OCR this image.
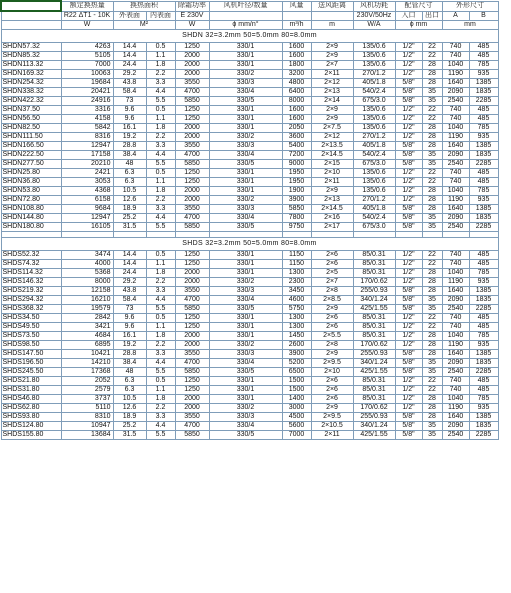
	额定换热量	换热面积		除霜功率	风机叶径/数量	风量	送风距离	风机功耗	配管尺寸		外形尺寸	
	R22 ΔT1 - 10K	外表面	内表面	E 230V				230V/50Hz	入口	出口	A	B
	W	M²		W	ϕ mm/n°	m³/h	m	W/A	ϕ mm		mm	
SHDN 32=3.2mm 50=5.0mm 80=8.0mm												
SHDN57.32	4263	14.4	0.5	1250	330/1	1600	2×9	135/0.6	1/2"	22	740	485
SHDN85.32	5105	14.4	1.1	2000	330/1	1600	2×9	135/0.6	1/2"	22	740	485
SHDN113.32	7000	24.4	1.8	2000	330/1	1800	2×7	135/0.6	1/2"	28	1040	785
SHDN169.32	10063	29.2	2.2	2000	330/2	3200	2×11	270/1.2	1/2"	28	1190	935
SHDN254.32	19684	43.8	3.3	3550	330/3	4800	2×12	405/1.8	5/8"	28	1640	1385
SHDN338.32	20421	58.4	4.4	4700	330/4	6400	2×13	540/2.4	5/8"	35	2090	1835
SHDN422.32	24916	73	5.5	5850	330/5	8000	2×14	675/3.0	5/8"	35	2540	2285
SHDN37.50	3316	9.6	0.5	1250	330/1	1600	2×9	135/0.6	1/2"	22	740	485
SHDN56.50	4158	9.6	1.1	1250	330/1	1600	2×9	135/0.6	1/2"	22	740	485
SHDN82.50	5842	16.1	1.8	2000	330/1	2050	2×7.5	135/0.6	1/2"	28	1040	785
SHDN111.50	8316	19.2	2.2	2000	330/2	3600	2×12	270/1.2	1/2"	28	1190	935
SHDN166.50	12947	28.8	3.3	3550	330/3	5400	2×13.5	405/1.8	5/8"	28	1640	1385
SHDN222.50	17158	38.4	4.4	4700	330/4	7200	2×14.5	540/2.4	5/8"	35	2090	1835
SHDN277.50	20210	48	5.5	5850	330/5	9000	2×15	675/3.0	5/8"	35	2540	2285
SHDN25.80	2421	6.3	0.5	1250	330/1	1950	2×10	135/0.6	1/2"	22	740	485
SHDN36.80	3053	6.3	1.1	1250	330/1	1950	2×11	135/0.6	1/2"	22	740	485
SHDN53.80	4368	10.5	1.8	2000	330/1	1900	2×9	135/0.6	1/2"	28	1040	785
SHDN72.80	6158	12.6	2.2	2000	330/2	3900	2×13	270/1.2	1/2"	28	1190	935
SHDN108.80	9684	18.9	3.3	3550	330/3	5850	2×14.5	405/1.8	5/8"	28	1640	1385
SHDN144.80	12947	25.2	4.4	4700	330/4	7800	2×16	540/2.4	5/8"	35	2090	1835
SHDN180.80	16105	31.5	5.5	5850	330/5	9750	2×17	675/3.0	5/8"	35	2540	2285

SHDS 32=3.2mm 50=5.0mm 80=8.0mm												
SHDS52.32	3474	14.4	0.5	1250	330/1	1150	2×6	85/0.31	1/2"	22	740	485
SHDS74.32	4000	14.4	1.1	1250	330/1	1150	2×6	85/0.31	1/2"	22	740	485
SHDS114.32	5368	24.4	1.8	2000	330/1	1300	2×5	85/0.31	1/2"	28	1040	785
SHDS146.32	8000	29.2	2.2	2000	330/2	2300	2×7	170/0.62	1/2"	28	1190	935
SHDS219.32	12158	43.8	3.3	3550	330/3	3450	2×8	255/0.93	5/8"	28	1640	1385
SHDS294.32	16210	58.4	4.4	4700	330/4	4600	2×8.5	340/1.24	5/8"	35	2090	1835
SHDS368.32	19579	73	5.5	5850	330/5	5750	2×9	425/1.55	5/8"	35	2540	2285
SHDS34.50	2842	9.6	0.5	1250	330/1	1300	2×6	85/0.31	1/2"	22	740	485
SHDS49.50	3421	9.6	1.1	1250	330/1	1300	2×6	85/0.31	1/2"	22	740	485
SHDS73.50	4684	16.1	1.8	2000	330/1	1450	2×5.5	85/0.31	1/2"	28	1040	785
SHDS98.50	6895	19.2	2.2	2000	330/2	2600	2×8	170/0.62	1/2"	28	1190	935
SHDS147.50	10421	28.8	3.3	3550	330/3	3900	2×9	255/0.93	5/8"	28	1640	1385
SHDS196.50	14210	38.4	4.4	4700	330/4	5200	2×9.5	340/1.24	5/8"	35	2090	1835
SHDS245.50	17368	48	5.5	5850	330/5	6500	2×10	425/1.55	5/8"	35	2540	2285
SHDS21.80	2052	6.3	0.5	1250	330/1	1500	2×6	85/0.31	1/2"	22	740	485
SHDS31.80	2579	6.3	1.1	1250	330/1	1500	2×6	85/0.31	1/2"	22	740	485
SHDS46.80	3737	10.5	1.8	2000	330/1	1400	2×6	85/0.31	1/2"	28	1040	785
SHDS62.80	5110	12.6	2.2	2000	330/2	3000	2×9	170/0.62	1/2"	28	1190	935
SHDS93.80	8310	18.9	3.3	3550	330/3	4500	2×9.5	255/0.93	5/8"	28	1640	1385
SHDS124.80	10947	25.2	4.4	4700	330/4	5600	2×10.5	340/1.24	5/8"	35	2090	1835
SHDS155.80	13684	31.5	5.5	5850	330/5	7000	2×11	425/1.55	5/8"	35	2540	2285
